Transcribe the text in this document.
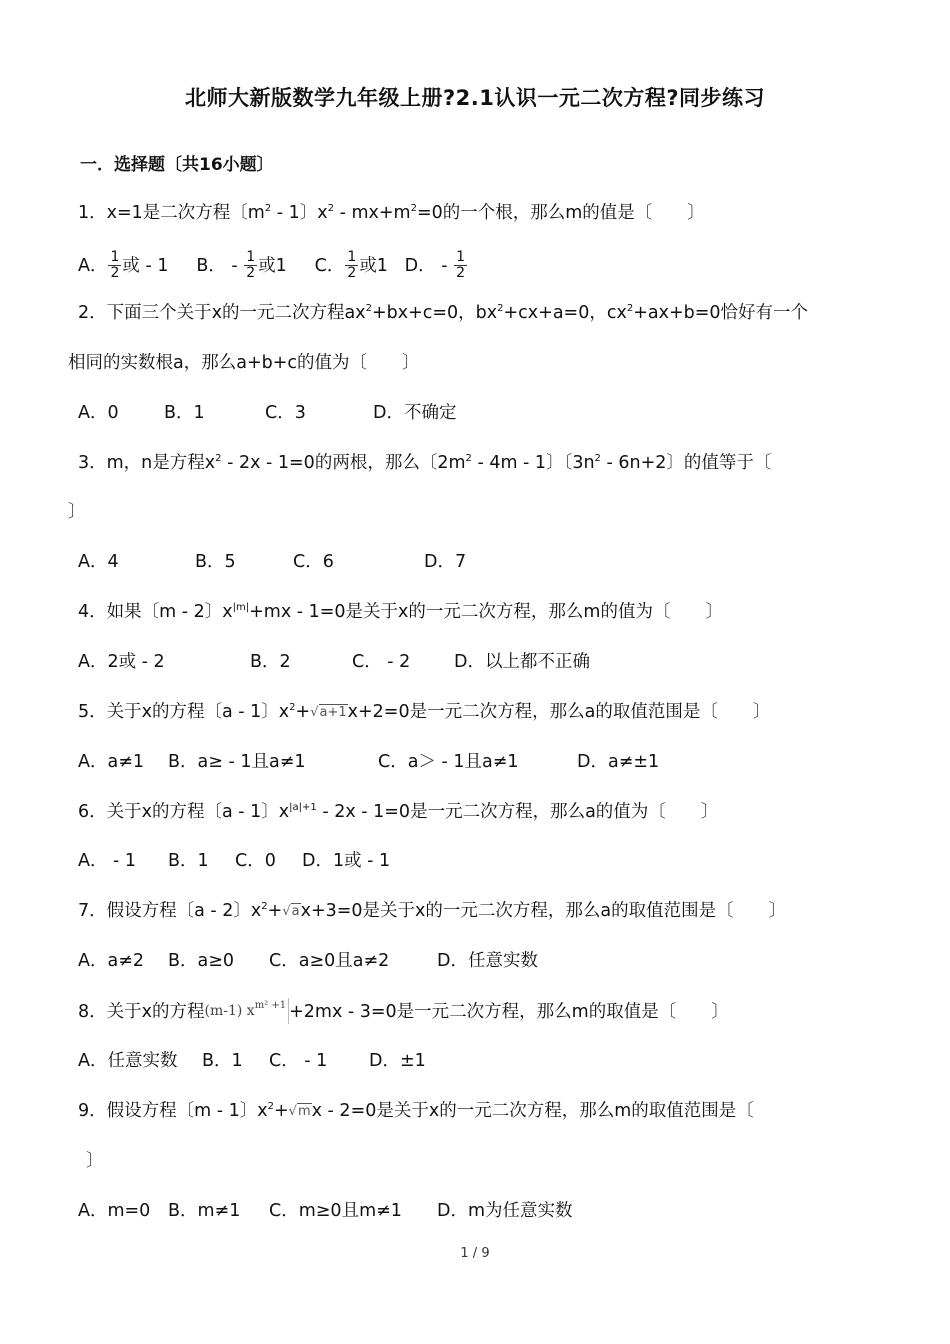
北师大新版数学九年级上册?2.1认识一元二次方程?同步练习
一．选择题〔共16小题〕
1．x=1是二次方程〔$m^2 - 1$〕$x^2 - mx+m^2=0$的一个根，那么m的值是〔　　〕
A． $\frac{1}{2}$ 或 - 1 B． - $\frac{1}{2}$ 或1 C． $\frac{1}{2}$ 或1 D． - $\frac{1}{2}$
2．下面三个关于x的一元二次方程$ax^2+bx+c=0$，$bx^2+cx+a=0$，$cx^2+ax+b=0$恰好有一个
相同的实数根a，那么a+b+c的值为〔　　〕
A．0	B．1	C．3	D．不确定
3．m，n是方程$x^2 - 2x - 1=0$的两根，那么〔$2m^2 - 4m - 1$〕〔$3n^2 - 6n+2$〕的值等于〔
〕
A．4	B．5	C．6	D．7
4．如果〔m - 2〕$x^{|m|}+mx - 1=0$是关于x的一元二次方程，那么m的值为〔　　〕
A．2或 - 2	B．2	C． - 2 D．以上都不正确
5．关于x的方程〔a - 1〕$x^2+√a+1x+2=0$是一元二次方程，那么a的取值范围是〔　　〕
A．a≠1 B．a≥ - 1且a≠1	C．a＞ - 1且a≠1	D．a≠±1
6．关于x的方程〔a - 1〕$x^{|a|+1} - 2x - 1=0$是一元二次方程，那么a的值为〔　　〕
A． - 1 B．1 C．0 D．1或 - 1
7．假设方程〔a - 2〕$x^2+√ax+3=0$是关于x的一元二次方程，那么a的取值范围是〔　　〕
A．a≠2 B．a≥0 C．a≥0且a≠2	D．任意实数
8．关于x的方程(m-1) $x^{m^2 +1} +2mx - 3=0$是一元二次方程，那么m的取值是〔　　〕
A．任意实数 B．1 C． - 1 D．±1
9．假设方程〔m - 1〕$x^2+√mx - 2=0$是关于x的一元二次方程，那么m的取值范围是〔
〕
A．m=0 B．m≠1 C．m≥0且m≠1 D．m为任意实数
1 / 9
